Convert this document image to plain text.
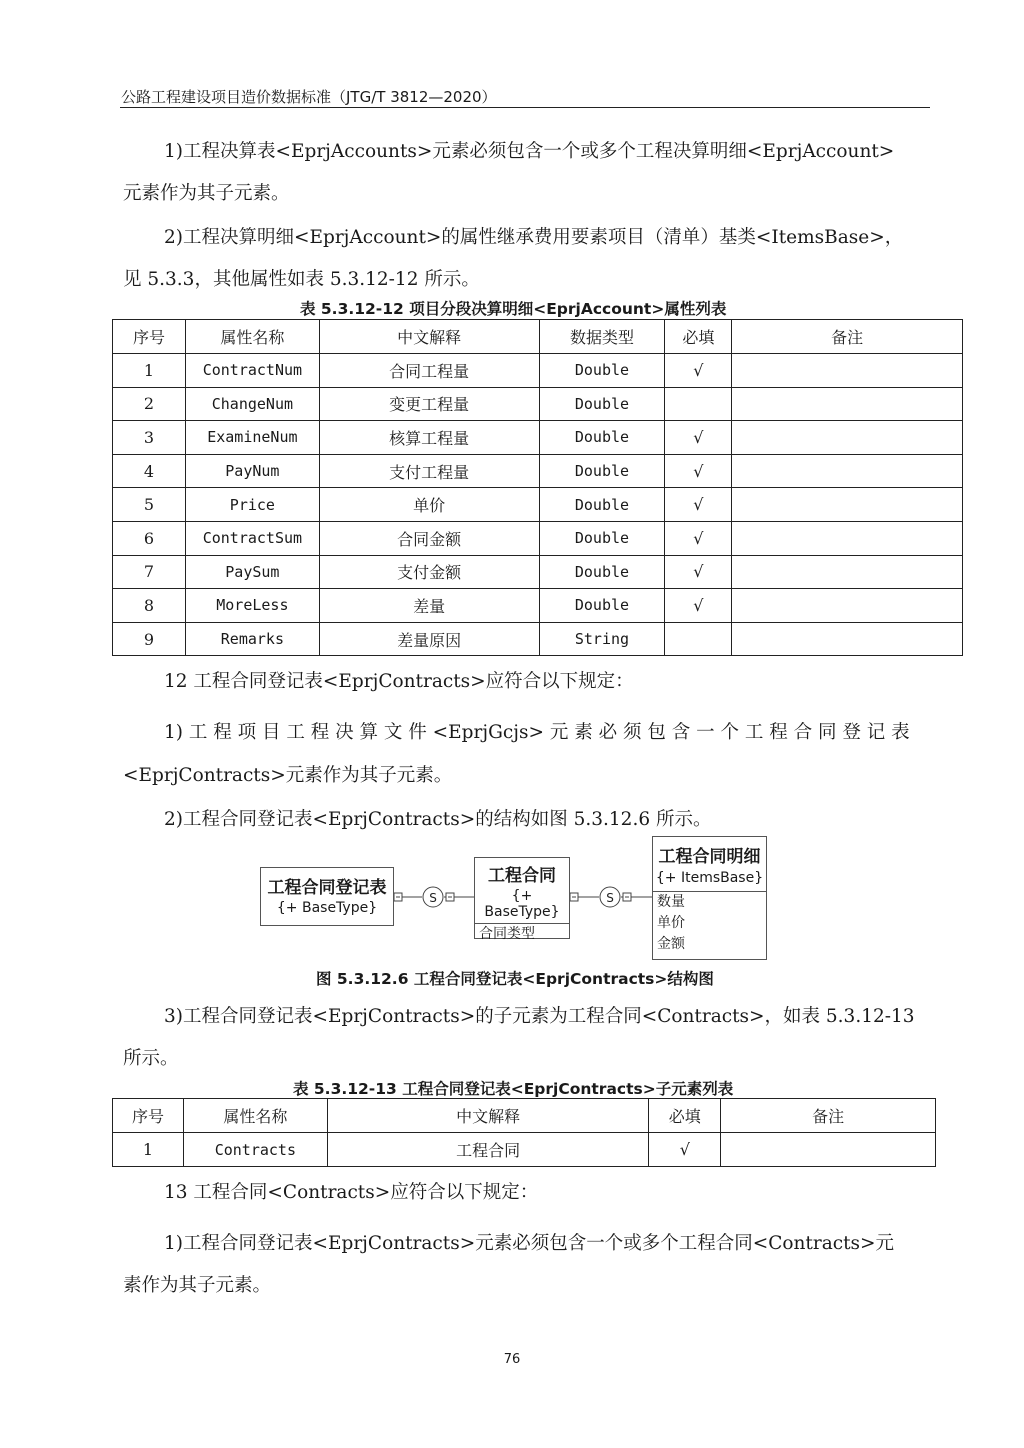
公路工程建设项目造价数据标准（JTG/T 3812—2020）
1)工程决算表<EprjAccounts>元素必须包含一个或多个工程决算明细<EprjAccount>
元素作为其子元素。
2)工程决算明细<EprjAccount>的属性继承费用要素项目（清单）基类<ItemsBase>，
见 5.3.3，其他属性如表 5.3.12-12 所示。
表 5.3.12-12 项目分段决算明细<EprjAccount>属性列表
序号	属性名称	中文解释	数据类型	必填	备注
1	ContractNum	合同工程量	Double	√	
2	ChangeNum	变更工程量	Double		
3	ExamineNum	核算工程量	Double	√	
4	PayNum	支付工程量	Double	√	
5	Price	单价	Double	√	
6	ContractSum	合同金额	Double	√	
7	PaySum	支付金额	Double	√	
8	MoreLess	差量	Double	√	
9	Remarks	差量原因	String		
12 工程合同登记表<EprjContracts>应符合以下规定：
1) 工 程 项 目 工 程 决 算 文 件 <EprjGcjs> 元 素 必 须 包 含 一 个 工 程 合 同 登 记 表
<EprjContracts>元素作为其子元素。
2)工程合同登记表<EprjContracts>的结构如图 5.3.12.6 所示。
S	S
工程合同登记表
{+ BaseType}
工程合同
{+ BaseType}
合同类型
工程合同明细
{+ ItemsBase}
数量
单价
金额
图 5.3.12.6 工程合同登记表<EprjContracts>结构图
3)工程合同登记表<EprjContracts>的子元素为工程合同<Contracts>，如表 5.3.12-13
所示。
表 5.3.12-13 工程合同登记表<EprjContracts>子元素列表
序号	属性名称	中文解释	必填	备注
1	Contracts	工程合同	√	
13 工程合同<Contracts>应符合以下规定：
1)工程合同登记表<EprjContracts>元素必须包含一个或多个工程合同<Contracts>元
素作为其子元素。
76
